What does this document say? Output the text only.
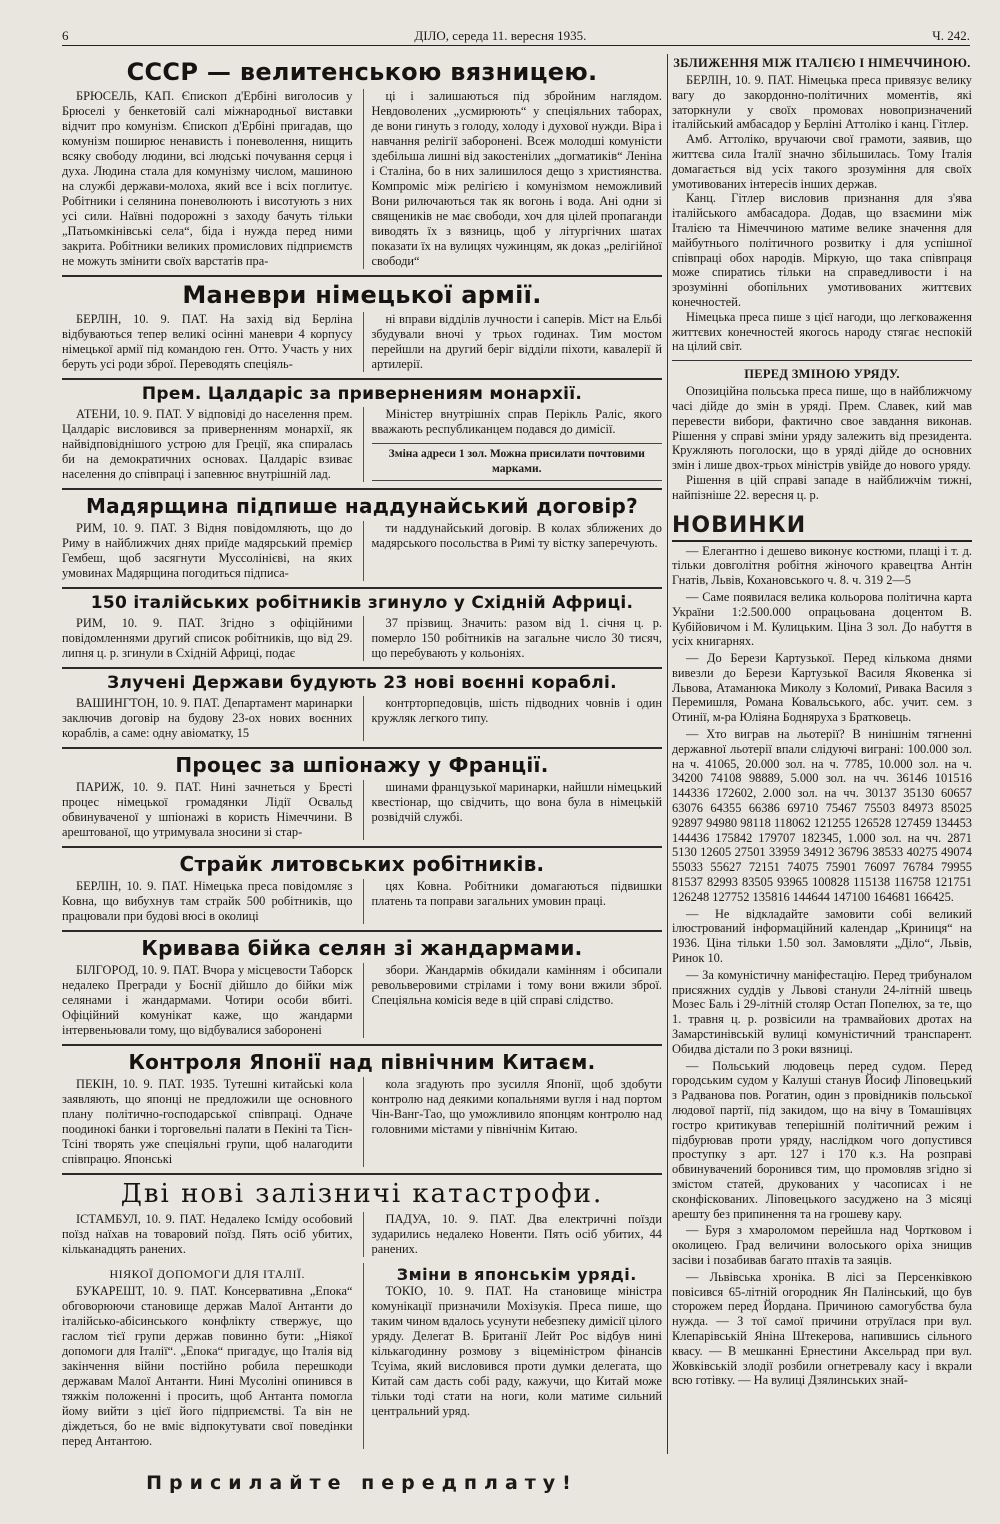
6	ДІЛО, середа 11. вересня 1935.	Ч. 242.
СССР — велитенською вязницею.

БРЮСЕЛЬ, КАП. Єпископ д'Ербіні виголосив у Брюселі у бенкетовій салі міжнародньої виставки відчит про комунізм. Єпископ д'Ербіні пригадав, що комунізм поширює ненависть і поневолення, нищить всяку свободу людини, всі людські почування серця і духа. Людина стала для комунізму числом, машиною на службі держави-молоха, який все і всіх поглитує. Робітники і селянина поневолюють і висотують з них усі сили. Наївні подорожні з заходу бачуть тільки „Патьомкінівські села“, біда і нужда перед ними закрита. Робітники великих промислових підприємств не можуть змінити своїх варстатів пра-

ці і залишаються під збройним наглядом. Невдоволених „усмирюють“ у спеціяльних таборах, де вони гинуть з голоду, холоду і духової нужди. Віра і навчання релігії заборонені. Всеж молодші комуністи здебільша лишні від закостенілих „догматиків“ Леніна і Сталіна, бо в них залишилося дещо з християнства. Компроміс між релігією і комунізмом неможливий Вони рилючаються так як вогонь і вода. Ані одни зі священиків не має свободи, хоч для цілей пропаганди виводять їх з вязниць, щоб у літургічних шатах показати їх на вулицях чужинцям, як доказ „релігійної свободи“

Маневри німецької армії.

БЕРЛІН, 10. 9. ПАТ. На захід від Берліна відбуваються тепер великі осінні маневри 4 корпусу німецької армії під командою ген. Отто. Участь у них беруть усі роди зброї. Переводять спеціяль-

ні вправи відділів лучности і саперів. Міст на Ельбі збудували вночі у трьох годинах. Тим мостом перейшли на другий беріг відділи піхоти, кавалерії й артилерії.

Прем. Цалдаріс за привернениям монархії.

АТЕНИ, 10. 9. ПАТ. У відповіді до населення прем. Цалдаріс висловився за приверненням монархії, як найвідповіднішого устрою для Греції, яка спиралась би на демократичних основах. Цалдаріс взиває населення до співпраці і запевнює внутрішній лад.

Міністер внутрішніх справ Перікль Раліс, якого вважають республиканцем подався до димісії.

Зміна адреси 1 зол. Можна присилати почтовими марками.
Мадярщина підпише наддунайський договір?

РИМ, 10. 9. ПАТ. З Відня повідомляють, що до Риму в найближчих днях приїде мадярський премієр Гембеш, щоб засягнути Муссолінієві, на яких умовинах Мадярщина погодиться підписа-

ти наддунайський договір. В колах зближених до мадярського посольства в Римі ту вістку заперечують.

150 італійських робітників згинуло у Східній Африці.

РИМ, 10. 9. ПАТ. Згідно з офіційними повідомленнями другий список робітників, що від 29. липня ц. р. згинули в Східній Африці, подає

37 прізвищ. Значить: разом від 1. січня ц. р. померло 150 робітників на загальне число 30 тисяч, що перебувають у кольоніях.

Злучені Держави будують 23 нові воєнні кораблі.

ВАШИНГТОН, 10. 9. ПАТ. Департамент маринарки заключив договір на будову 23-ох нових воєнних кораблів, а саме: одну авіоматку, 15

контрторпедовців, шість підводних човнів і один кружляк легкого типу.

Процес за шпіонажу у Франції.

ПАРИЖ, 10. 9. ПАТ. Нині зачнеться у Бресті процес німецької громадянки Лідії Освальд обвинуваченої у шпіонажі в користь Німеччини. В арештованої, що утримувала зносини зі стар-

шинами французької маринарки, найшли німецький квестіонар, що свідчить, що вона була в німецькій розвідчій службі.

Страйк литовських робітників.

БЕРЛІН, 10. 9. ПАТ. Німецька преса повідомляє з Ковна, що вибухнув там страйк 500 робітників, що працювали при будові вюсі в околиці

цях Ковна. Робітники домагаються підвишки платень та поправи загальних умовин праці.

Кривава бійка селян зі жандармами.

БІЛГОРОД, 10. 9. ПАТ. Вчора у місцевости Таборск недалеко Прегради у Боснії дійшло до бійки між селянами і жандармами. Чотири особи вбиті. Офіційний комунікат каже, що жандарми інтервеньювали тому, що відбувалися заборонені

збори. Жандармів обкидали камінням і обсипали револьверовими стрілами і тому вони вжили зброї. Спеціяльна комісія веде в цій справі слідство.

Контроля Японії над північним Китаєм.

ПЕКІН, 10. 9. ПАТ. 1935. Тутешні китайські кола заявляють, що японці не предложили ще основного плану політично-господарської співпраці. Одначе поодинокі банки і торговельні палати в Пекіні та Тієн-Тсіні творять уже спеціяльні групи, щоб налагодити співпрацю. Японські

кола згадують про зусилля Японії, щоб здобути контролю над деякими копальнями вугля і над портом Чін-Ванг-Тао, що уможливило японцям контролю над головними містами у північнім Китаю.

Дві нові залізничі катастрофи.

ІСТАМБУЛ, 10. 9. ПАТ. Недалеко Ісміду особовий поїзд наїхав на товаровий поїзд. Пять осіб убитих, кільканадцять ранених.

ПАДУА, 10. 9. ПАТ. Два електричні поїзди зударились недалеко Новенти. Пять осіб убитих, 44 ранених.

НІЯКОЇ ДОПОМОГИ ДЛЯ ІТАЛІЇ.

БУКАРЕШТ, 10. 9. ПАТ. Консервативна „Епока“ обговорюючи становище держав Малої Антанти до італійсько-абісинського конфлікту ствержує, що гаслом тієї групи держав повинно бути: „Ніякої допомоги для Італії“. „Епока“ пригадує, що Італія від закінчення війни постійно робила перешкоди державам Малої Антанти. Нині Мусоліні опинився в тяжкім положенні і просить, щоб Антанта помогла йому вийти з цієї його підприємстві. Та він не діждеться, бо не вміє відпокутувати свої поведінки перед Антантою.

Зміни в японськім уряді.

ТОКІО, 10. 9. ПАТ. На становище міністра комунікації призначили Мохізукія. Преса пише, що таким чином вдалось усунути небезпеку димісії цілого уряду. Делегат В. Британії Лейт Рос відбув нині кількагодинну розмову з віцеміністром фінансів Тсуіма, який висловився проти думки делегата, що Китай сам дасть собі раду, кажучи, що Китай може тільки тоді стати на ноги, коли матиме сильний центральний уряд.

Присилайте передплату!
ЗБЛИЖЕННЯ МІЖ ІТАЛІЄЮ І НІМЕЧЧИНОЮ.

БЕРЛІН, 10. 9. ПАТ. Німецька преса привязує велику вагу до закордонно-політичних моментів, які заторкнули у своїх промовах новопризначений італійський амбасадор у Берліні Аттоліко і канц. Гітлер.

Амб. Аттоліко, вручаючи свої грамоти, заявив, що життєва сила Італії значно збільшилась. Тому Італія домагається від усіх такого зрозуміння для своїх умотивованих інтересів інших держав.

Канц. Гітлер висловив признання для з'ява італійського амбасадора. Додав, що взаємини між Італією та Німеччиною матиме велике значення для майбутнього політичного розвитку і для успішної співпраці обох народів. Міркую, що така співпраця може спиратись тільки на справедливости і на зрозумінні обопільних умотивованих життєвих конечностей.

Німецька преса пише з цієї нагоди, що легковаження життєвих конечностей якогось народу стягає неспокій на цілий світ.

ПЕРЕД ЗМІНОЮ УРЯДУ.

Опозиційна польська преса пише, що в найближчому часі дійде до змін в уряді. Прем. Славек, кий мав перевести вибори, фактично свое завдання виконав. Рішення у справі зміни уряду залежить від президента. Кружляють поголоски, що в уряді дійде до основних змін і лише двох-трьох міністрів увійде до нового уряду.

Рішення в цій справі западе в найближчім тижні, найпізніше 22. вересня ц. р.

НОВИНКИ

— Елегантно і дешево виконує костюми, плащі і т. д. тільки довголітня робітня жіночого кравецтва Антін Гнатів, Львів, Кохановського ч. 8. ч. 319 2—5

— Саме появилася велика кольорова політична карта України 1:2.500.000 опрацьована доцентом В. Кубійовичом і М. Кулицьким. Ціна 3 зол. До набуття в усіх книгарнях.

— До Берези Картузької. Перед кількома днями вивезли до Берези Картузької Василя Яковенка зі Львова, Атаманюка Миколу з Коломиї, Ривака Василя з Перемишля, Романа Ковальського, абс. учит. сем. з Отинії, м-ра Юліяна Бодняруха з Братковець.

— Хто виграв на льотерії? В нинішнім тягненні державної льотерії впали слідуючі виграні: 100.000 зол. на ч. 41065, 20.000 зол. на ч. 7785, 10.000 зол. на ч. 34200 74108 98889, 5.000 зол. на чч. 36146 101516 144336 172602, 2.000 зол. на чч. 30137 35130 60657 63076 64355 66386 69710 75467 75503 84973 85025 92897 94980 98118 118062 121255 126528 127459 134453 144436 175842 179707 182345, 1.000 зол. на чч. 2871 5130 12605 27501 33959 34912 36796 38533 40275 49074 55033 55627 72151 74075 75901 76097 76784 79955 81537 82993 83505 93965 100828 115138 116758 121751 126248 127752 135816 144644 147100 164681 166425.

— Не відкладайте замовити собі великий ілюстрований інформаційний календар „Криниця“ на 1936. Ціна тільки 1.50 зол. Замовляти „Діло“, Львів, Ринок 10.

— За комуністичну маніфестацію. Перед трибуналом присяжних суддів у Львові станули 24-літній швець Мозес Баль і 29-літній столяр Остап Попелюх, за те, що 1. травня ц. р. розвісили на трамвайових дротах на Замарстинівській вулиці комуністичний транспарент. Обидва дістали по 3 роки вязниці.

— Польський людовець перед судом. Перед городським судом у Калуші станув Йосиф Ліповецький з Радванова пов. Рогатин, один з провідників польської людової партії, під закидом, що на вічу в Томашівцях гостро критикував теперішній політичний режим і підбурював проти уряду, наслідком чого допустився проступку з арт. 127 і 170 к.з. На розправі обвинувачений боронився тим, що промовляв згідно зі змістом статей, друкованих у часописах і не сконфіскованих. Ліповецького засуджено на 3 місяці арешту без припинення та на грошеву кару.

— Буря з хмароломом перейшла над Чортковом і околицею. Град величини волоського оріха знищив засіви і позабивав багато птахів та заяців.

— Львівська хроніка. В лісі за Персенківкою повісився 65-літній огородник Ян Палінський, що був сторожем перед Йордана. Причиною самогубства була нужда. — З тої самої причини отруїлася при вул. Клепарівській Яніна Штекерова, напившись сільного квасу. — В мешканні Ернестини Аксельрад при вул. Жовківській злодії розбили огнетревалу касу і вкрали всю готівку. — На вулиці Дзялинських знай-
